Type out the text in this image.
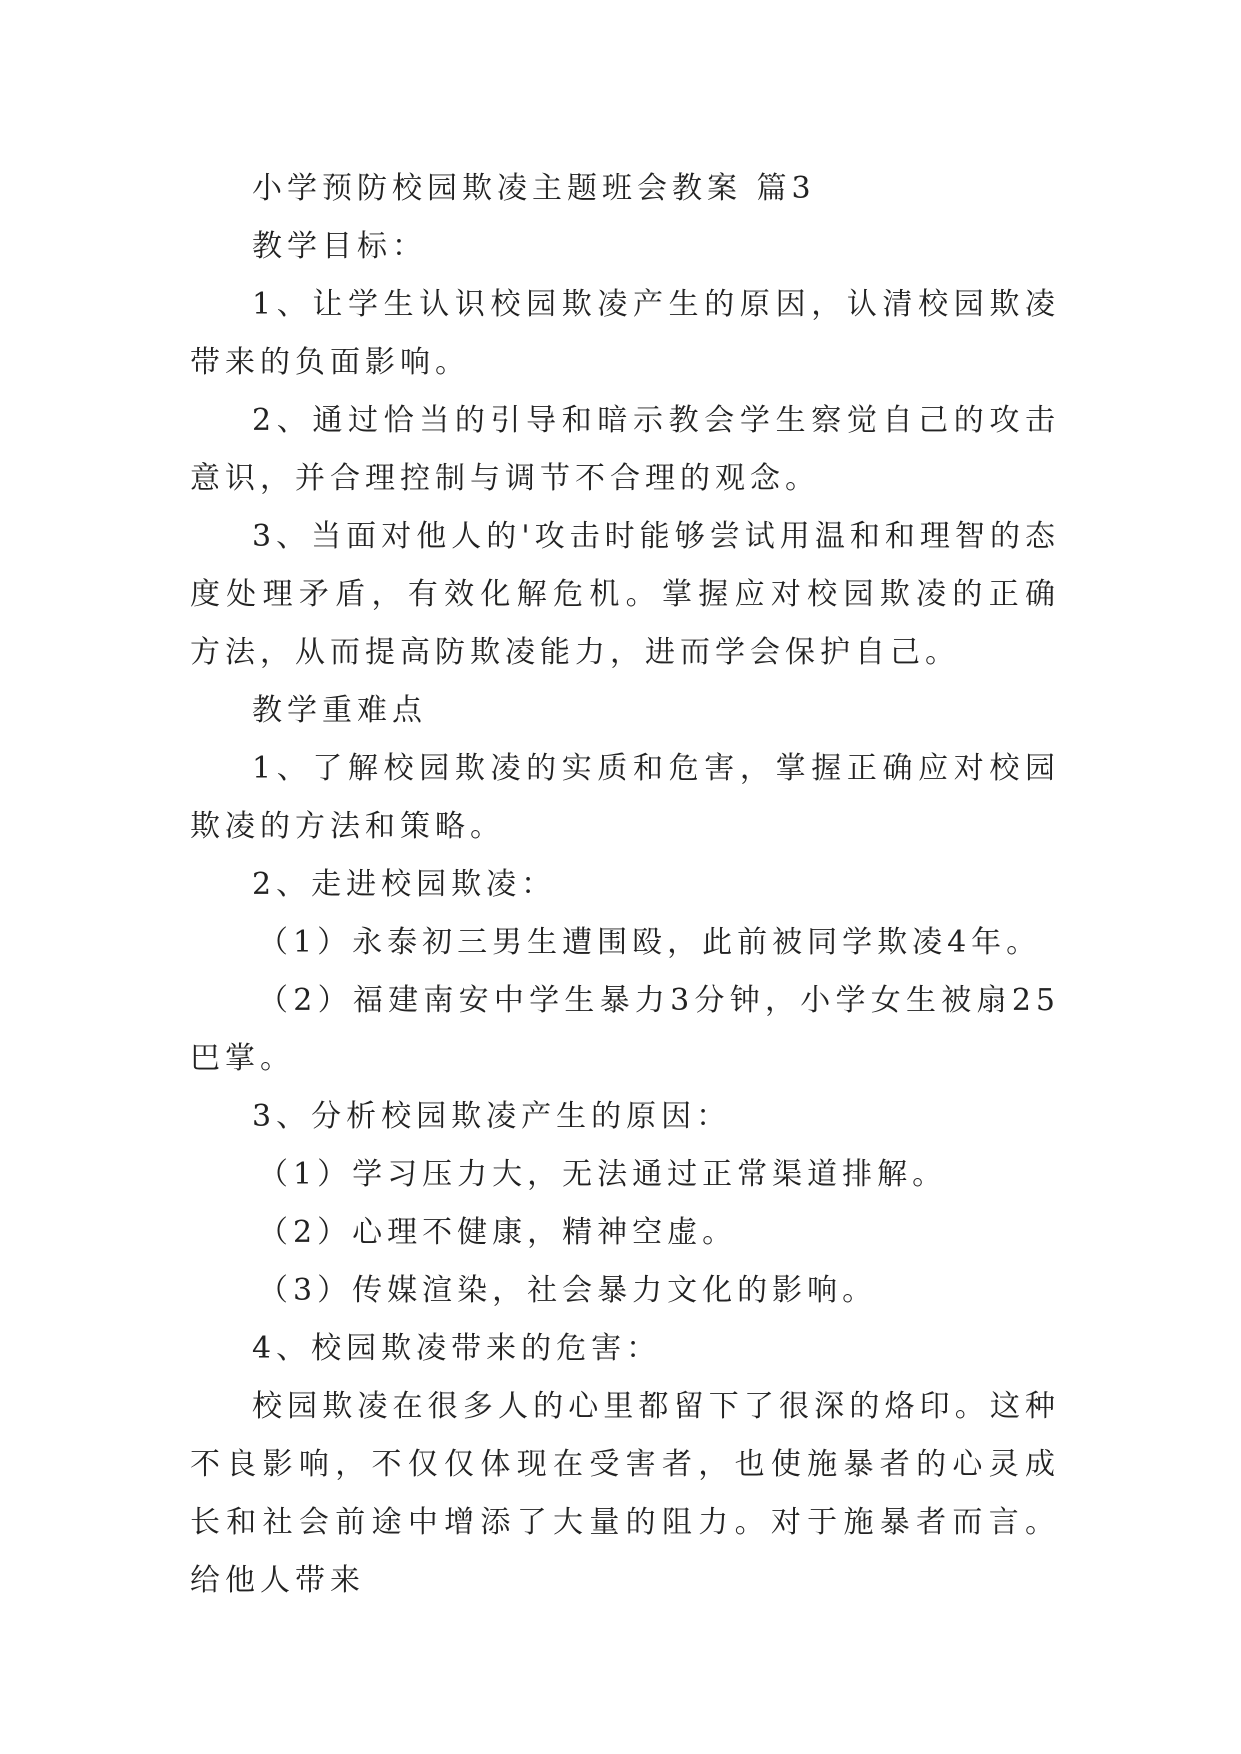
小学预防校园欺凌主题班会教案 篇3

教学目标：

1、让学生认识校园欺凌产生的原因，认清校园欺凌带来的负面影响。

2、通过恰当的引导和暗示教会学生察觉自己的攻击意识，并合理控制与调节不合理的观念。

3、当面对他人的'攻击时能够尝试用温和和理智的态度处理矛盾，有效化解危机。掌握应对校园欺凌的正确方法，从而提高防欺凌能力，进而学会保护自己。

教学重难点

1、了解校园欺凌的实质和危害，掌握正确应对校园欺凌的方法和策略。

2、走进校园欺凌：

（1）永泰初三男生遭围殴，此前被同学欺凌4年。

（2）福建南安中学生暴力3分钟，小学女生被扇25巴掌。

3、分析校园欺凌产生的原因：

（1）学习压力大，无法通过正常渠道排解。

（2）心理不健康，精神空虚。

（3）传媒渲染，社会暴力文化的影响。

4、校园欺凌带来的危害：

校园欺凌在很多人的心里都留下了很深的烙印。这种不良影响，不仅仅体现在受害者，也使施暴者的心灵成长和社会前途中增添了大量的阻力。对于施暴者而言。给他人带来
